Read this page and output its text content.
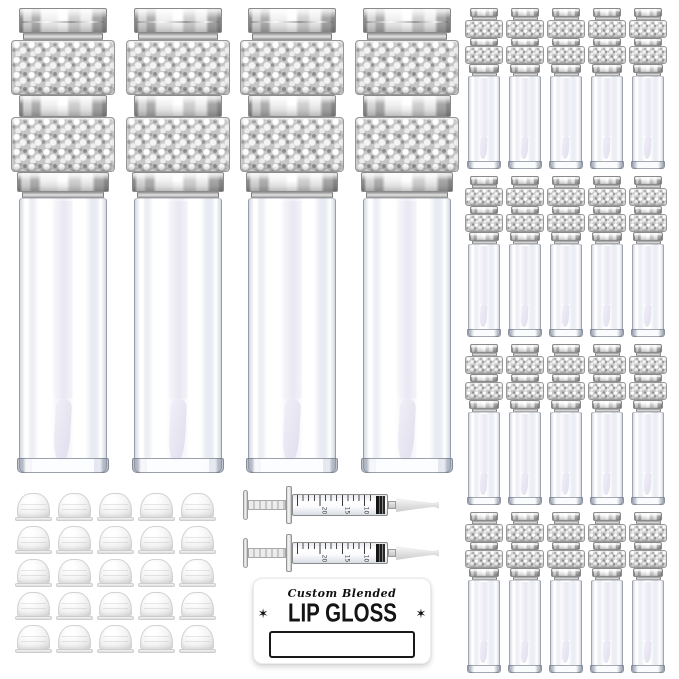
20	15 10
20	15 10
Custom Blended
✶ LIP GLOSS ✶
